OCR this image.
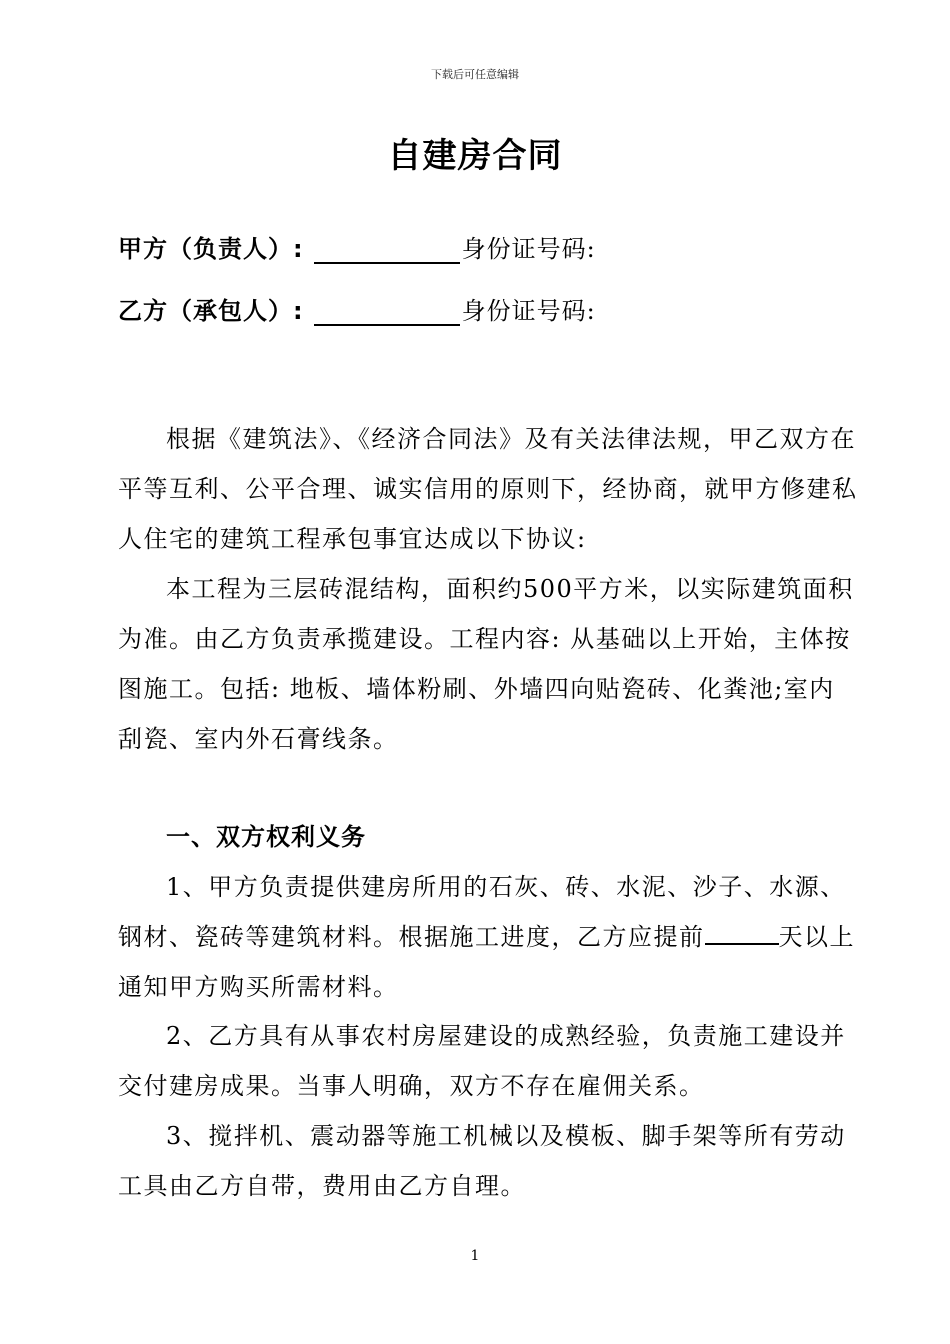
下载后可任意编辑
自建房合同
甲方（负责人）:	身份证号码:
乙方（承包人）:	身份证号码:

根据《建筑法》、《经济合同法》及有关法律法规，甲乙双方在平等互利、公平合理、诚实信用的原则下，经协商，就甲方修建私人住宅的建筑工程承包事宜达成以下协议:

本工程为三层砖混结构，面积约500平方米，以实际建筑面积为准。由乙方负责承揽建设。工程内容: 从基础以上开始，主体按图施工。包括: 地板、墙体粉刷、外墙四向贴瓷砖、化粪池;室内刮瓷、室内外石膏线条。

一、双方权利义务

1、甲方负责提供建房所用的石灰、砖、水泥、沙子、水源、钢材、瓷砖等建筑材料。根据施工进度，乙方应提前	天以上通知甲方购买所需材料。

2、乙方具有从事农村房屋建设的成熟经验，负责施工建设并交付建房成果。当事人明确，双方不存在雇佣关系。

3、搅拌机、震动器等施工机械以及模板、脚手架等所有劳动工具由乙方自带，费用由乙方自理。

1
